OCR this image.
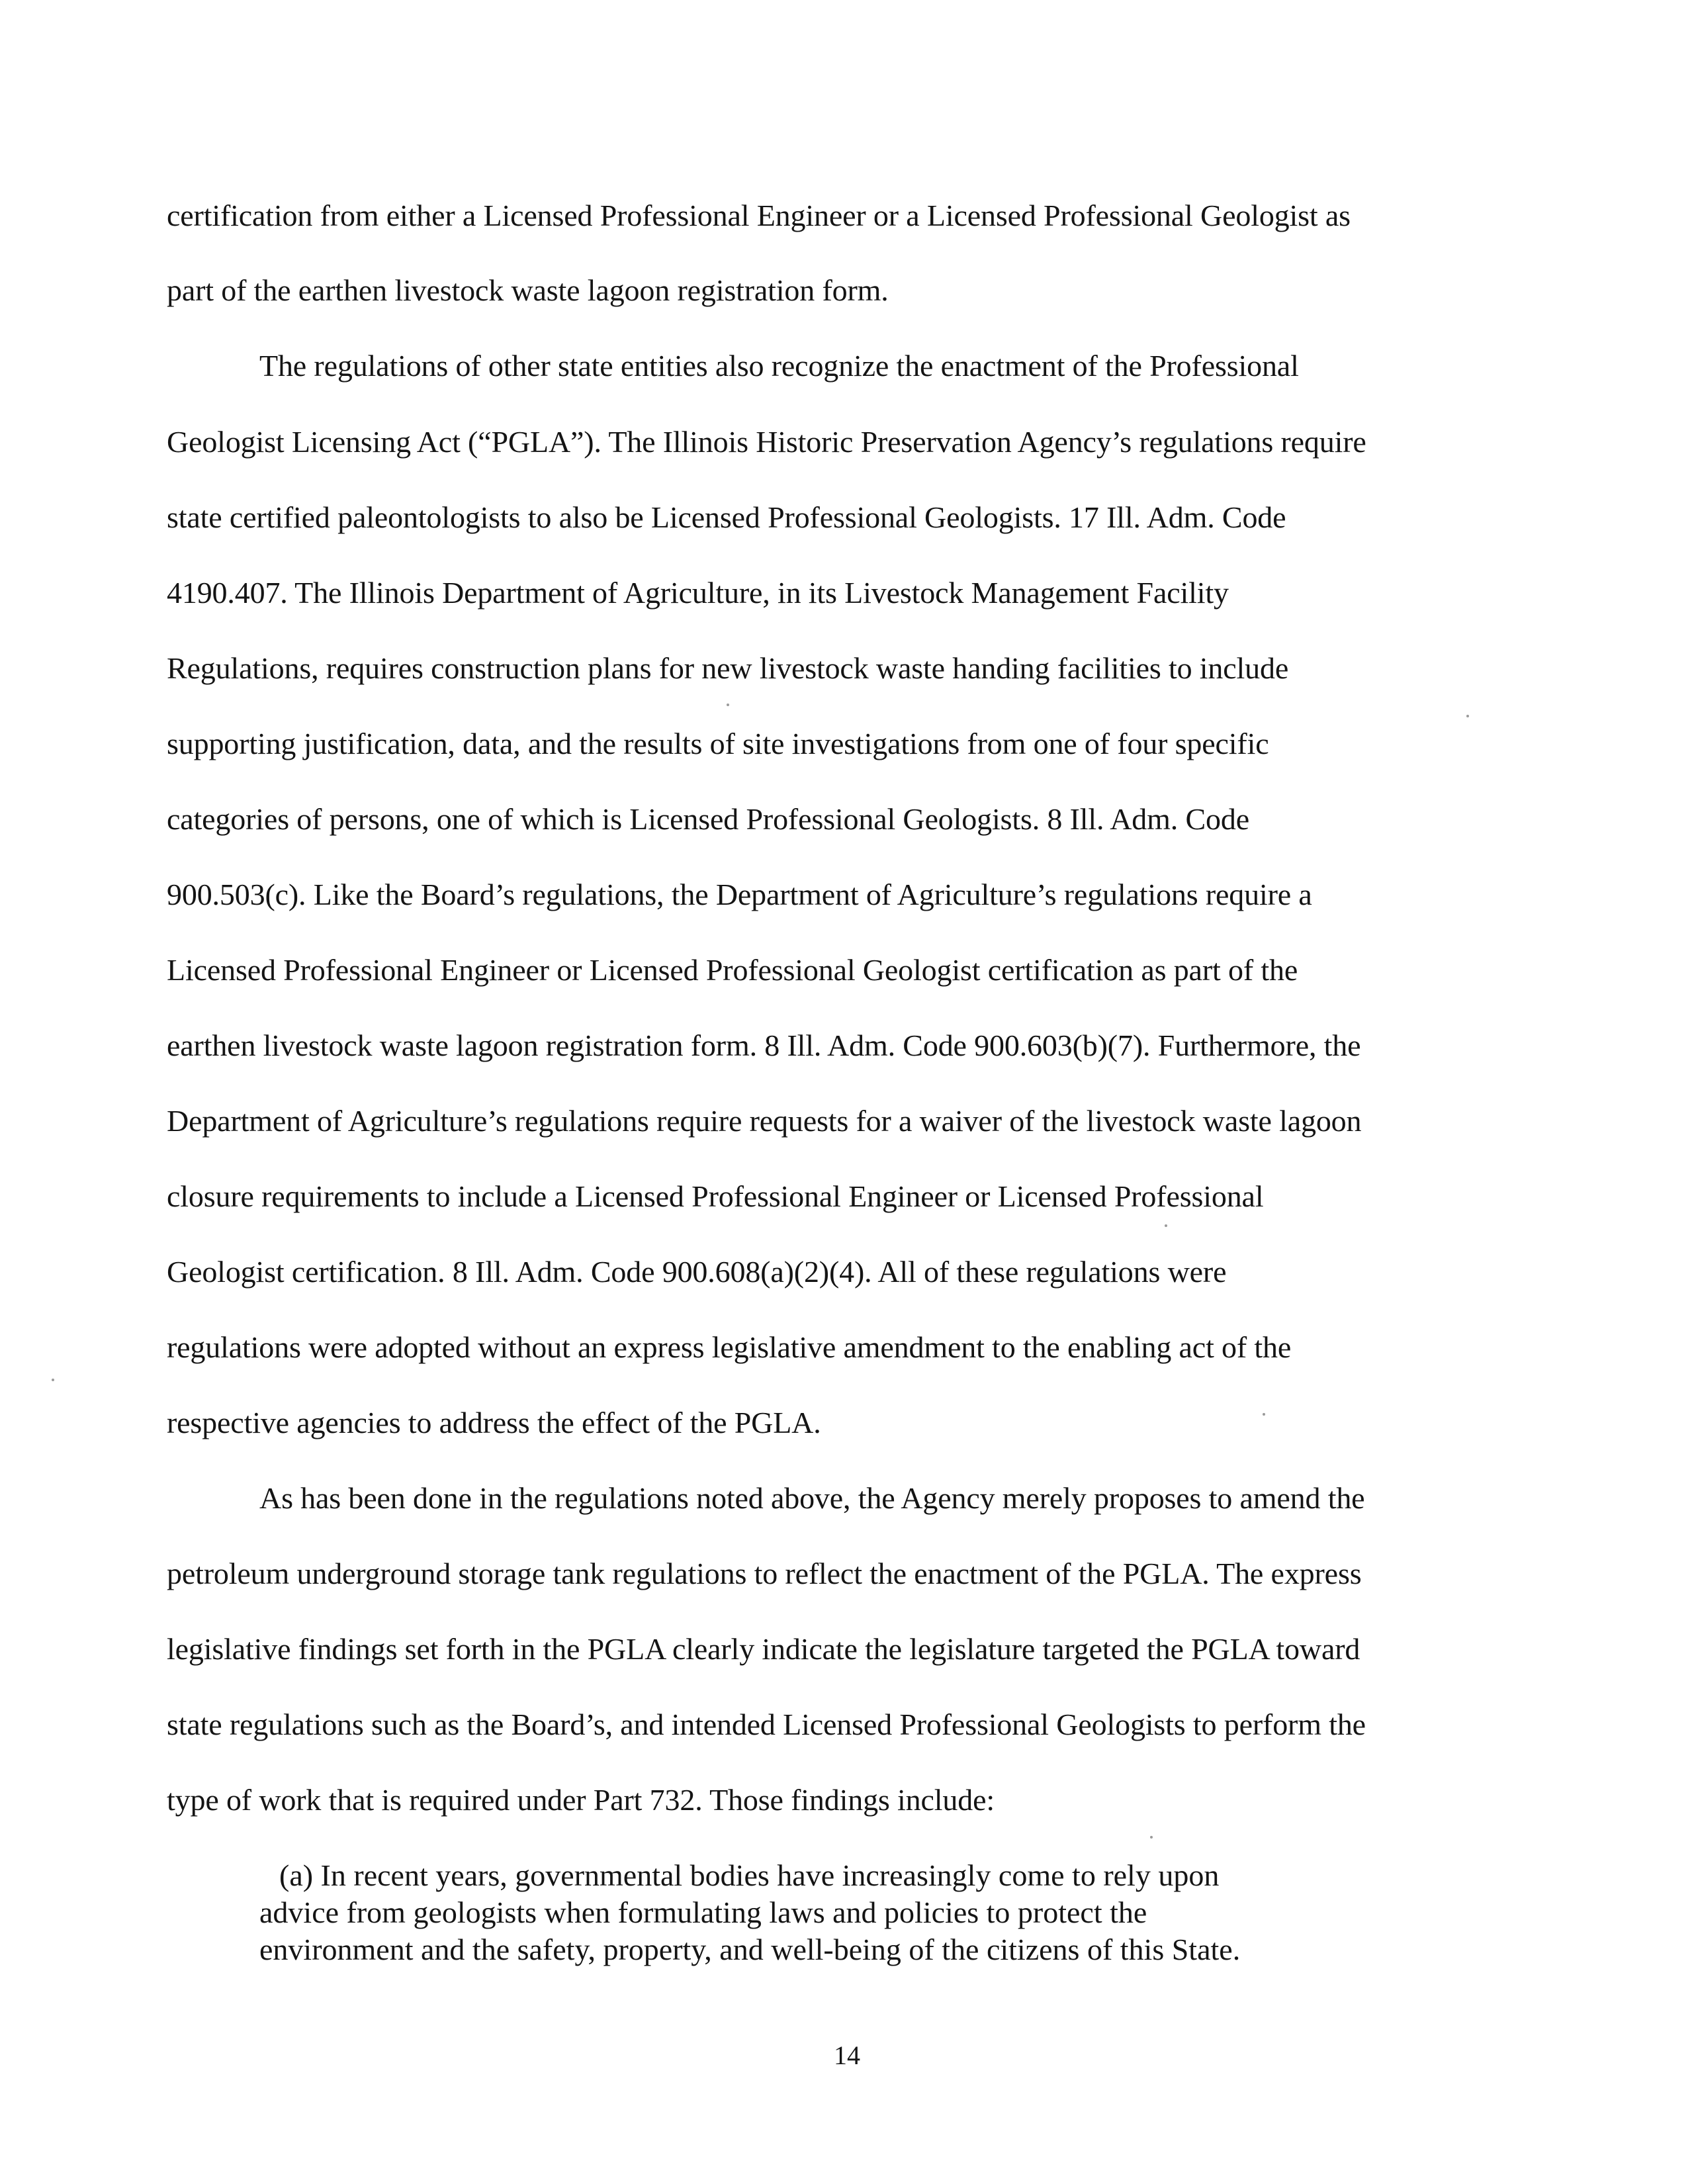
certification from either a Licensed Professional Engineer or a Licensed Professional Geologist as
part of the earthen livestock waste lagoon registration form.
The regulations of other state entities also recognize the enactment of the Professional
Geologist Licensing Act (“PGLA”). The Illinois Historic Preservation Agency’s regulations require
state certified paleontologists to also be Licensed Professional Geologists. 17 Ill. Adm. Code
4190.407. The Illinois Department of Agriculture, in its Livestock Management Facility
Regulations, requires construction plans for new livestock waste handing facilities to include
supporting justification, data, and the results of site investigations from one of four specific
categories of persons, one of which is Licensed Professional Geologists. 8 Ill. Adm. Code
900.503(c). Like the Board’s regulations, the Department of Agriculture’s regulations require a
Licensed Professional Engineer or Licensed Professional Geologist certification as part of the
earthen livestock waste lagoon registration form. 8 Ill. Adm. Code 900.603(b)(7). Furthermore, the
Department of Agriculture’s regulations require requests for a waiver of the livestock waste lagoon
closure requirements to include a Licensed Professional Engineer or Licensed Professional
Geologist certification. 8 Ill. Adm. Code 900.608(a)(2)(4). All of these regulations were
regulations were adopted without an express legislative amendment to the enabling act of the
respective agencies to address the effect of the PGLA.
As has been done in the regulations noted above, the Agency merely proposes to amend the
petroleum underground storage tank regulations to reflect the enactment of the PGLA. The express
legislative findings set forth in the PGLA clearly indicate the legislature targeted the PGLA toward
state regulations such as the Board’s, and intended Licensed Professional Geologists to perform the
type of work that is required under Part 732. Those findings include:
(a) In recent years, governmental bodies have increasingly come to rely upon
advice from geologists when formulating laws and policies to protect the
environment and the safety, property, and well-being of the citizens of this State.
14
